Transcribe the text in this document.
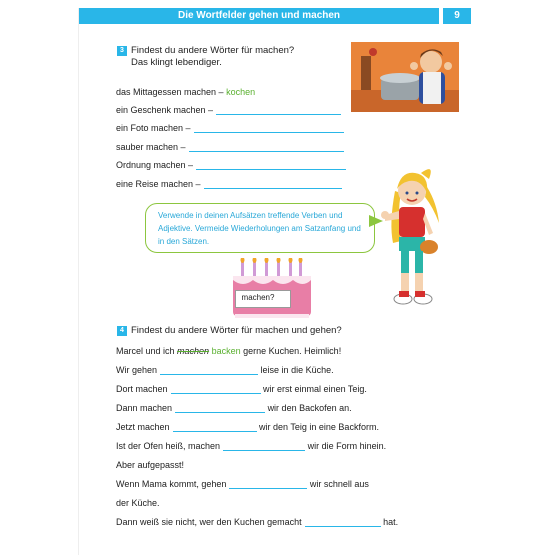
Die Wortfelder gehen und machen	9
3 Findest du andere Wörter für machen?
Das klingt lebendiger.
das Mittagessen machen – kochen
ein Geschenk machen –
ein Foto machen –
sauber machen –
Ordnung machen –
eine Reise machen –
Verwende in deinen Aufsätzen treffende Verben und Adjektive. Vermeide Wiederholungen am Satzanfang und in den Sätzen.
machen?
4 Findest du andere Wörter für machen und gehen?
Marcel und ich machen backen gerne Kuchen. Heimlich!
Wir gehen	leise in die Küche.
Dort machen	wir erst einmal einen Teig.
Dann machen	wir den Backofen an.
Jetzt machen	wir den Teig in eine Backform.
Ist der Ofen heiß, machen	wir die Form hinein.
Aber aufgepasst!
Wenn Mama kommt, gehen	wir schnell aus
der Küche.
Dann weiß sie nicht, wer den Kuchen gemacht	hat.
